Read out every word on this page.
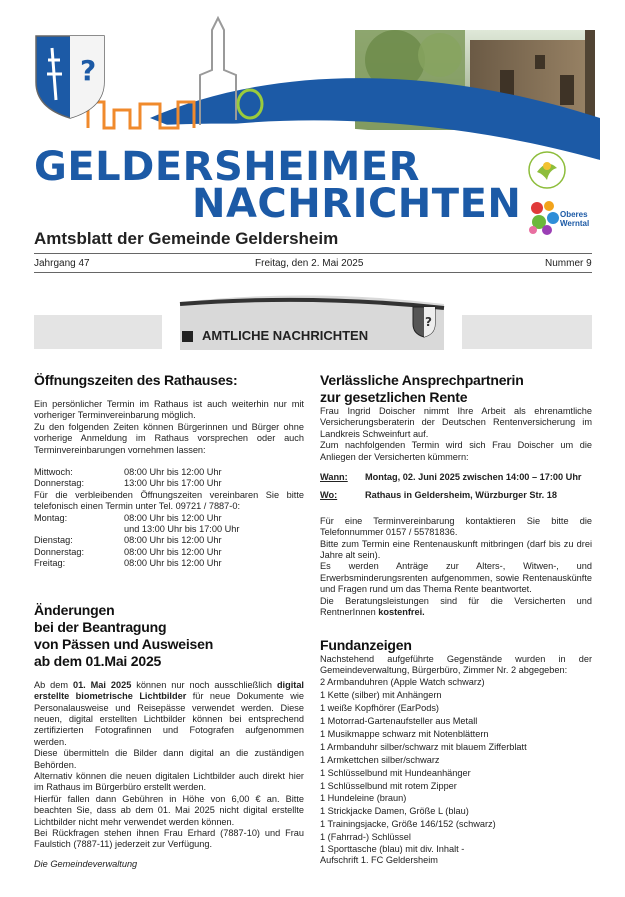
?
Oberes Werntal
GELDERSHEIMER
NACHRICHTEN
Amtsblatt der Gemeinde Geldersheim
Jahrgang 47	Freitag, den 2. Mai 2025	Nummer 9
AMTLICHE NACHRICHTEN
?
Öffnungszeiten des Rathauses:

Ein persönlicher Termin im Rathaus ist auch weiterhin nur mit vorheriger Terminvereinbarung möglich.

Zu den folgenden Zeiten können Bürgerinnen und Bürger ohne vorherige Anmeldung im Rathaus vorsprechen oder auch Terminvereinbarungen vornehmen lassen:

Mittwoch:	08:00 Uhr bis 12:00 Uhr
Donnerstag:	13:00 Uhr bis 17:00 Uhr

Für die verbleibenden Öffnungszeiten vereinbaren Sie bitte telefonisch einen Termin unter Tel. 09721 / 7887-0:

Montag:	08:00 Uhr bis 12:00 Uhr
und 13:00 Uhr bis 17:00 Uhr
Dienstag:	08:00 Uhr bis 12:00 Uhr
Donnerstag:	08:00 Uhr bis 12:00 Uhr
Freitag:	08:00 Uhr bis 12:00 Uhr
Änderungen
bei der Beantragung
von Pässen und Ausweisen
ab dem 01.Mai 2025

Ab dem 01. Mai 2025 können nur noch ausschließlich digital erstellte biometrische Lichtbilder für neue Dokumente wie Personalausweise und Reisepässe verwendet werden. Diese neuen, digital erstellten Lichtbilder können bei entsprechend zertifizierten Fotografinnen und Fotografen aufgenommen werden.

Diese übermitteln die Bilder dann digital an die zuständigen Behörden.

Alternativ können die neuen digitalen Lichtbilder auch direkt hier im Rathaus im Bürgerbüro erstellt werden.

Hierfür fallen dann Gebühren in Höhe von 6,00 € an. Bitte beachten Sie, dass ab dem 01. Mai 2025 nicht digital erstellte Lichtbilder nicht mehr verwendet werden können.

Bei Rückfragen stehen ihnen Frau Erhard (7887-10) und Frau Faulstich (7887-11) jederzeit zur Verfügung.

Die Gemeindeverwaltung

Verlässliche Ansprechpartnerin
zur gesetzlichen Rente

Frau Ingrid Doischer nimmt Ihre Arbeit als ehrenamtliche Versicherungsberaterin der Deutschen Rentenversicherung im Landkreis Schweinfurt auf.

Zum nachfolgenden Termin wird sich Frau Doischer um die Anliegen der Versicherten kümmern:

Wann:	Montag, 02. Juni 2025 zwischen 14:00 – 17:00 Uhr
Wo:	Rathaus in Geldersheim, Würzburger Str. 18

Für eine Terminvereinbarung kontaktieren Sie bitte die Telefonnummer 0157 / 55781836.

Bitte zum Termin eine Rentenauskunft mitbringen (darf bis zu drei Jahre alt sein).

Es werden Anträge zur Alters-, Witwen-, und Erwerbsminderungsrenten aufgenommen, sowie Rentenauskünfte und Fragen rund um das Thema Rente beantwortet.

Die Beratungsleistungen sind für die Versicherten und RentnerInnen kostenfrei.

Fundanzeigen

Nachstehend aufgeführte Gegenstände wurden in der Gemeindeverwaltung, Bürgerbüro, Zimmer Nr. 2 abgegeben:

2 Armbanduhren (Apple Watch schwarz)
1 Kette (silber) mit Anhängern
1 weiße Kopfhörer (EarPods)
1 Motorrad-Gartenaufsteller aus Metall
1 Musikmappe schwarz mit Notenblättern
1 Armbanduhr silber/schwarz mit blauem Zifferblatt
1 Armkettchen silber/schwarz
1 Schlüsselbund mit Hundeanhänger
1 Schlüsselbund mit rotem Zipper
1 Hundeleine (braun)
1 Strickjacke Damen, Größe L (blau)
1 Trainingsjacke, Größe 146/152 (schwarz)
1 (Fahrrad-) Schlüssel
1 Sporttasche (blau) mit div. Inhalt -
Aufschrift 1. FC Geldersheim
